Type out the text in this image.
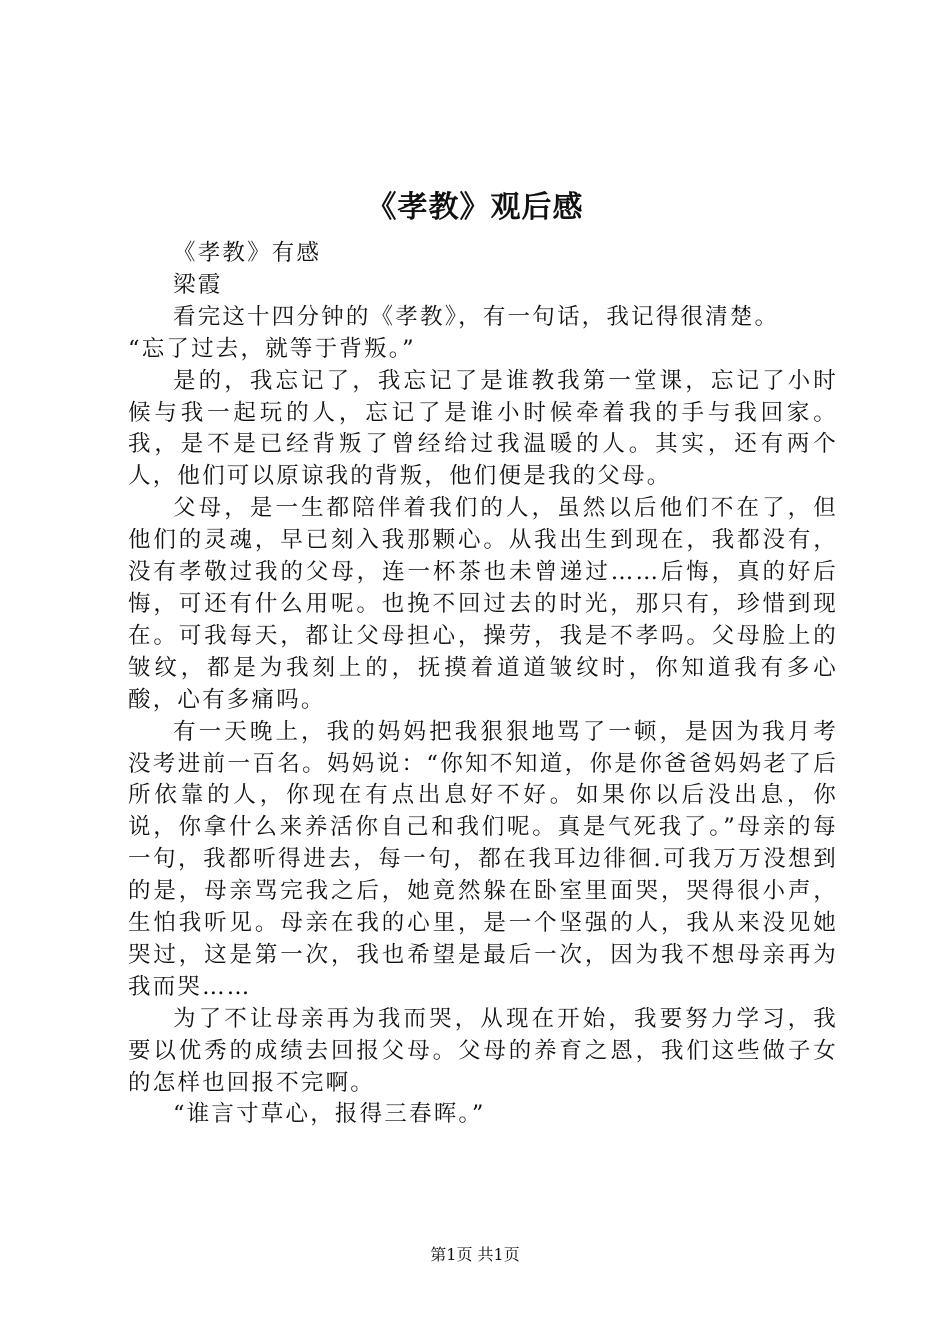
《孝教》观后感

《孝教》有感

梁霞

看完这十四分钟的《孝教》，有一句话，我记得很清楚。

“忘了过去，就等于背叛。”

是的，我忘记了，我忘记了是谁教我第一堂课，忘记了小时候与我一起玩的人，忘记了是谁小时候牵着我的手与我回家。我，是不是已经背叛了曾经给过我温暖的人。其实，还有两个人，他们可以原谅我的背叛，他们便是我的父母。

父母，是一生都陪伴着我们的人，虽然以后他们不在了，但他们的灵魂，早已刻入我那颗心。从我出生到现在，我都没有，没有孝敬过我的父母，连一杯茶也未曾递过……后悔，真的好后悔，可还有什么用呢。也挽不回过去的时光，那只有，珍惜到现在。可我每天，都让父母担心，操劳，我是不孝吗。父母脸上的皱纹，都是为我刻上的，抚摸着道道皱纹时，你知道我有多心酸，心有多痛吗。

有一天晚上，我的妈妈把我狠狠地骂了一顿，是因为我月考没考进前一百名。妈妈说：“你知不知道，你是你爸爸妈妈老了后所依靠的人，你现在有点出息好不好。如果你以后没出息，你说，你拿什么来养活你自己和我们呢。真是气死我了。”母亲的每一句，我都听得进去，每一句，都在我耳边徘徊.可我万万没想到的是，母亲骂完我之后，她竟然躲在卧室里面哭，哭得很小声，生怕我听见。母亲在我的心里，是一个坚强的人，我从来没见她哭过，这是第一次，我也希望是最后一次，因为我不想母亲再为我而哭……

为了不让母亲再为我而哭，从现在开始，我要努力学习，我要以优秀的成绩去回报父母。父母的养育之恩，我们这些做子女的怎样也回报不完啊。

“谁言寸草心，报得三春晖。”

第1页 共1页
